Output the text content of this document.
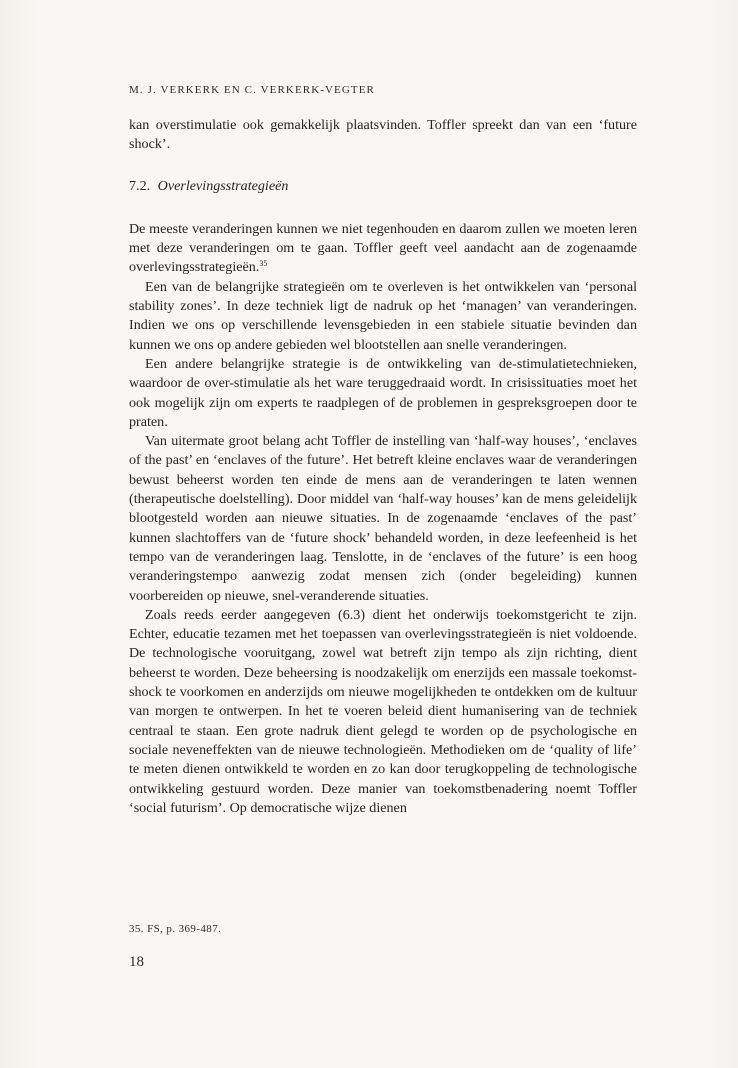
M. J. VERKERK EN C. VERKERK-VEGTER

kan overstimulatie ook gemakkelijk plaatsvinden. Toffler spreekt dan van een ‘future shock’.

7.2. Overlevingsstrategieën

De meeste veranderingen kunnen we niet tegenhouden en daarom zullen we moeten leren met deze veranderingen om te gaan. Toffler geeft veel aandacht aan de zogenaamde overlevingsstrategieën.$^{35}$

Een van de belangrijke strategieën om te overleven is het ontwikkelen van ‘personal stability zones’. In deze techniek ligt de nadruk op het ‘managen’ van veranderingen. Indien we ons op verschillende levensgebieden in een stabiele situatie bevinden dan kunnen we ons op andere gebieden wel blootstellen aan snelle veranderingen.

Een andere belangrijke strategie is de ontwikkeling van de-stimulatietechnieken, waardoor de over-stimulatie als het ware teruggedraaid wordt. In crisissituaties moet het ook mogelijk zijn om experts te raadplegen of de problemen in gespreksgroepen door te praten.

Van uitermate groot belang acht Toffler de instelling van ‘half-way houses’, ‘enclaves of the past’ en ‘enclaves of the future’. Het betreft kleine enclaves waar de veranderingen bewust beheerst worden ten einde de mens aan de veranderingen te laten wennen (therapeutische doelstelling). Door middel van ‘half-way houses’ kan de mens geleidelijk blootgesteld worden aan nieuwe situaties. In de zogenaamde ‘enclaves of the past’ kunnen slachtoffers van de ‘future shock’ behandeld worden, in deze leefeenheid is het tempo van de veranderingen laag. Tenslotte, in de ‘enclaves of the future’ is een hoog veranderingstempo aanwezig zodat mensen zich (onder begeleiding) kunnen voorbereiden op nieuwe, snel-veranderende situaties.

Zoals reeds eerder aangegeven (6.3) dient het onderwijs toekomstgericht te zijn. Echter, educatie tezamen met het toepassen van overlevingsstrategieën is niet voldoende. De technologische vooruitgang, zowel wat betreft zijn tempo als zijn richting, dient beheerst te worden. Deze beheersing is noodzakelijk om enerzijds een massale toekomst-shock te voorkomen en anderzijds om nieuwe mogelijkheden te ontdekken om de kultuur van morgen te ontwerpen. In het te voeren beleid dient humanisering van de techniek centraal te staan. Een grote nadruk dient gelegd te worden op de psychologische en sociale neveneffekten van de nieuwe technologieën. Methodieken om de ‘quality of life’ te meten dienen ontwikkeld te worden en zo kan door terugkoppeling de technologische ontwikkeling gestuurd worden. Deze manier van toekomstbenadering noemt Toffler ‘social futurism’. Op democratische wijze dienen

35. FS, p. 369-487.
18
